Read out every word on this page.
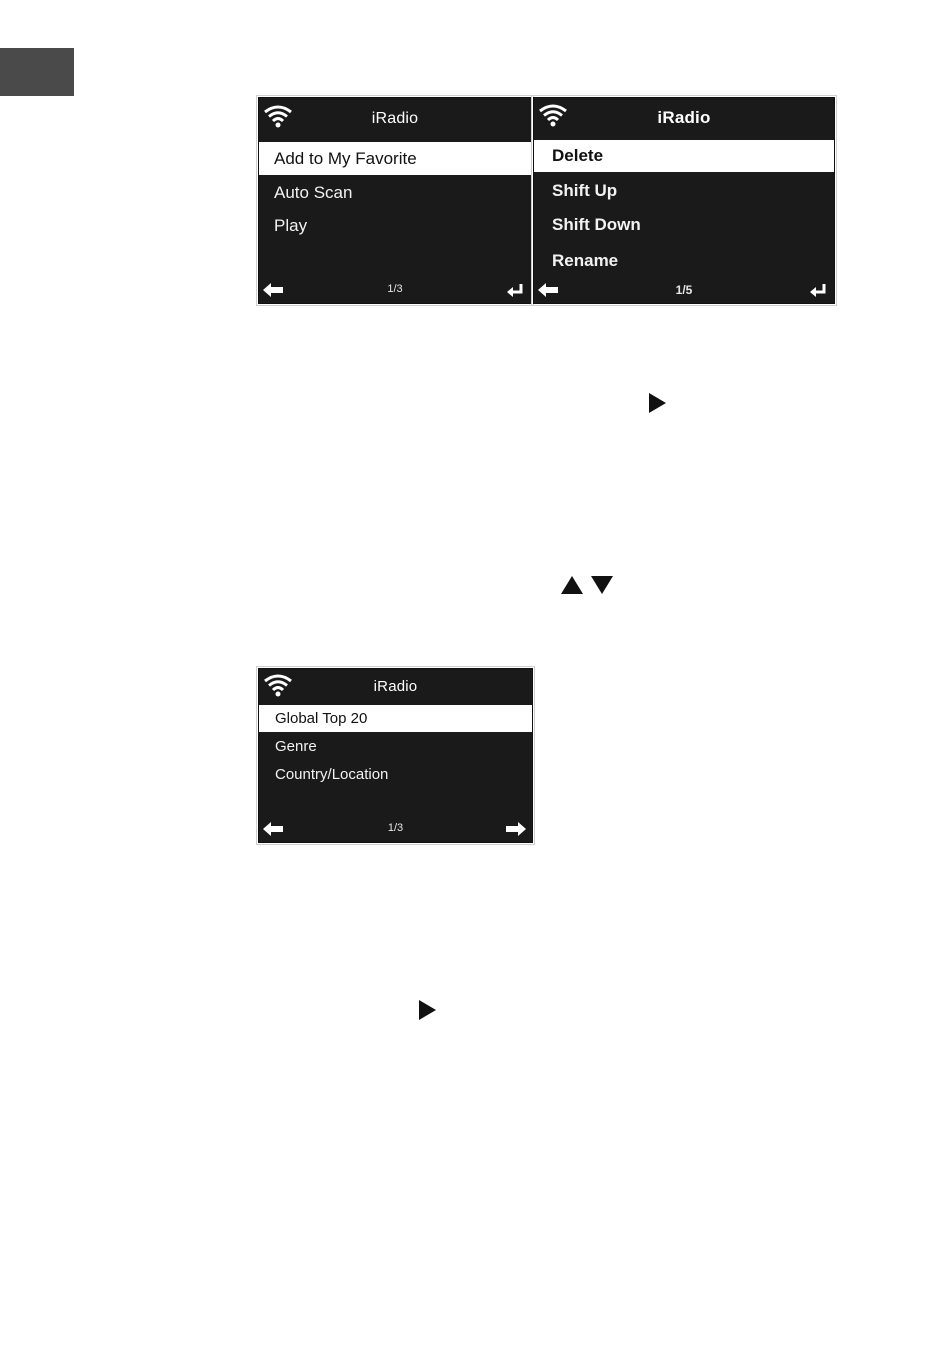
iRadio
Add to My Favorite
Auto Scan
Play
1/3
iRadio
Delete
Shift Up
Shift Down
Rename
1/5
iRadio
Global Top 20
Genre
Country/Location
1/3
